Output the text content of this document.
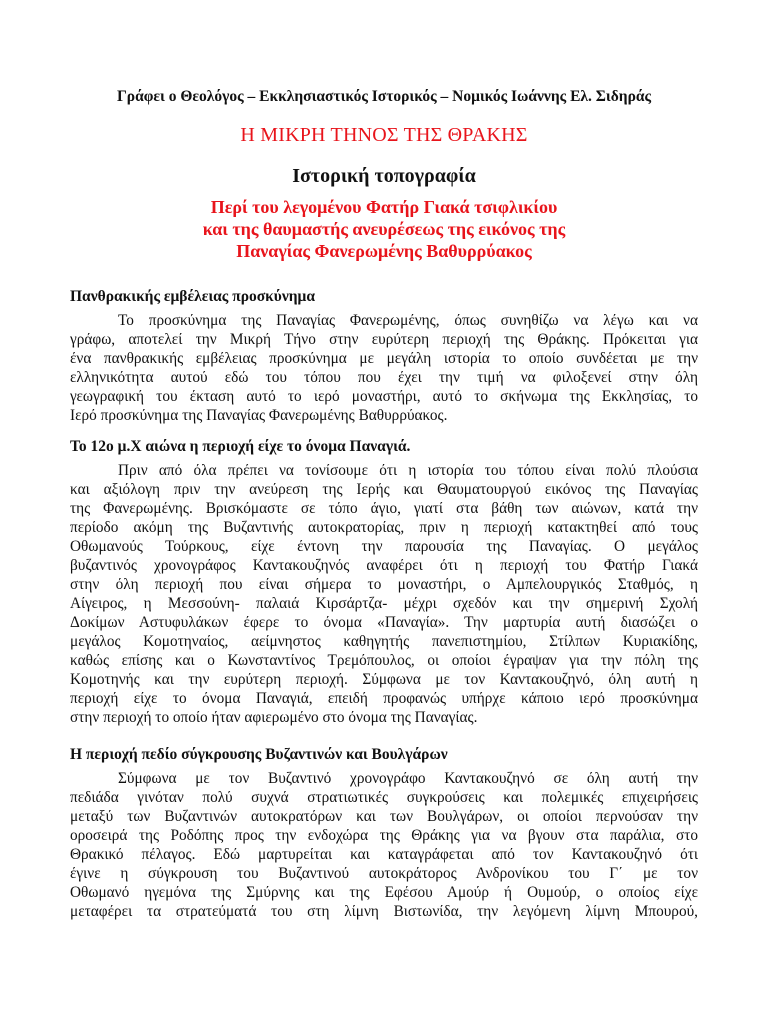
Γράφει ο Θεολόγος – Εκκλησιαστικός Ιστορικός – Νομικός Ιωάννης Ελ. Σιδηράς
Η ΜΙΚΡΗ ΤΗΝΟΣ ΤΗΣ ΘΡΑΚΗΣ
Ιστορική τοπογραφία
Περί του λεγομένου Φατήρ Γιακά τσιφλικίου
και της θαυμαστής ανευρέσεως της εικόνος της
Παναγίας Φανερωμένης Βαθυρρύακος
Πανθρακικής εμβέλειας προσκύνημα
Το προσκύνημα της Παναγίας Φανερωμένης, όπως συνηθίζω να λέγω και να
γράφω, αποτελεί την Μικρή Τήνο στην ευρύτερη περιοχή της Θράκης. Πρόκειται για
ένα πανθρακικής εμβέλειας προσκύνημα με μεγάλη ιστορία το οποίο συνδέεται με την
ελληνικότητα αυτού εδώ του τόπου που έχει την τιμή να φιλοξενεί στην όλη
γεωγραφική του έκταση αυτό το ιερό μοναστήρι, αυτό το σκήνωμα της Εκκλησίας, το
Ιερό προσκύνημα της Παναγίας Φανερωμένης Βαθυρρύακος.
Το 12ο μ.Χ αιώνα η περιοχή είχε το όνομα Παναγιά.
Πριν από όλα πρέπει να τονίσουμε ότι η ιστορία του τόπου είναι πολύ πλούσια
και αξιόλογη πριν την ανεύρεση της Ιερής και Θαυματουργού εικόνος της Παναγίας
της Φανερωμένης. Βρισκόμαστε σε τόπο άγιο, γιατί στα βάθη των αιώνων, κατά την
περίοδο ακόμη της Βυζαντινής αυτοκρατορίας, πριν η περιοχή κατακτηθεί από τους
Οθωμανούς Τούρκους, είχε έντονη την παρουσία της Παναγίας. Ο μεγάλος
βυζαντινός χρονογράφος Καντακουζηνός αναφέρει ότι η περιοχή του Φατήρ Γιακά
στην όλη περιοχή που είναι σήμερα το μοναστήρι, ο Αμπελουργικός Σταθμός, η
Αίγειρος, η Μεσσούνη- παλαιά Κιρσάρτζα- μέχρι σχεδόν και την σημερινή Σχολή
Δοκίμων Αστυφυλάκων έφερε το όνομα «Παναγία». Την μαρτυρία αυτή διασώζει ο
μεγάλος Κομοτηναίος, αείμνηστος καθηγητής πανεπιστημίου, Στίλπων Κυριακίδης,
καθώς επίσης και ο Κωνσταντίνος Τρεμόπουλος, οι οποίοι έγραψαν για την πόλη της
Κομοτηνής και την ευρύτερη περιοχή. Σύμφωνα με τον Καντακουζηνό, όλη αυτή η
περιοχή είχε το όνομα Παναγιά, επειδή προφανώς υπήρχε κάποιο ιερό προσκύνημα
στην περιοχή το οποίο ήταν αφιερωμένο στο όνομα της Παναγίας.
Η περιοχή πεδίο σύγκρουσης Βυζαντινών και Βουλγάρων
Σύμφωνα με τον Βυζαντινό χρονογράφο Καντακουζηνό σε όλη αυτή την
πεδιάδα γινόταν πολύ συχνά στρατιωτικές συγκρούσεις και πολεμικές επιχειρήσεις
μεταξύ των Βυζαντινών αυτοκρατόρων και των Βουλγάρων, οι οποίοι περνούσαν την
οροσειρά της Ροδόπης προς την ενδοχώρα της Θράκης για να βγουν στα παράλια, στο
Θρακικό πέλαγος. Εδώ μαρτυρείται και καταγράφεται από τον Καντακουζηνό ότι
έγινε η σύγκρουση του Βυζαντινού αυτοκράτορος Ανδρονίκου του Γ΄ με τον
Οθωμανό ηγεμόνα της Σμύρνης και της Εφέσου Αμούρ ή Ουμούρ, ο οποίος είχε
μεταφέρει τα στρατεύματά του στη λίμνη Βιστωνίδα, την λεγόμενη λίμνη Μπουρού,
